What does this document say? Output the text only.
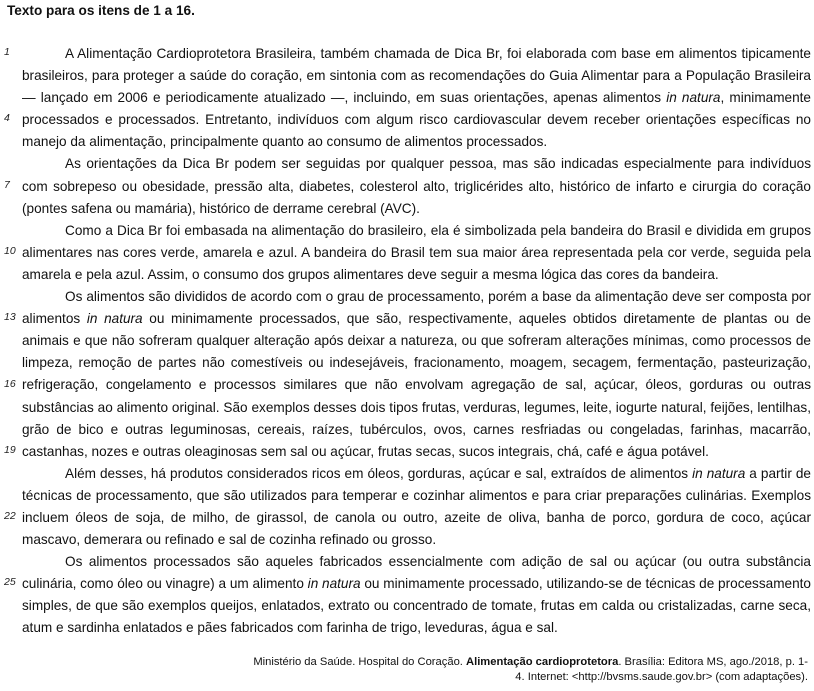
Texto para os itens de 1 a 16.

1
4
7
10
13
16
19
22
25

A Alimentação Cardioprotetora Brasileira, também chamada de Dica Br, foi elaborada com base em alimentos tipicamente brasileiros, para proteger a saúde do coração, em sintonia com as recomendações do Guia Alimentar para a População Brasileira — lançado em 2006 e periodicamente atualizado —, incluindo, em suas orientações, apenas alimentos in natura, minimamente processados e processados. Entretanto, indivíduos com algum risco cardiovascular devem receber orientações específicas no manejo da alimentação, principalmente quanto ao consumo de alimentos processados.

As orientações da Dica Br podem ser seguidas por qualquer pessoa, mas são indicadas especialmente para indivíduos com sobrepeso ou obesidade, pressão alta, diabetes, colesterol alto, triglicérides alto, histórico de infarto e cirurgia do coração (pontes safena ou mamária), histórico de derrame cerebral (AVC).

Como a Dica Br foi embasada na alimentação do brasileiro, ela é simbolizada pela bandeira do Brasil e dividida em grupos alimentares nas cores verde, amarela e azul. A bandeira do Brasil tem sua maior área representada pela cor verde, seguida pela amarela e pela azul. Assim, o consumo dos grupos alimentares deve seguir a mesma lógica das cores da bandeira.

Os alimentos são divididos de acordo com o grau de processamento, porém a base da alimentação deve ser composta por alimentos in natura ou minimamente processados, que são, respectivamente, aqueles obtidos diretamente de plantas ou de animais e que não sofreram qualquer alteração após deixar a natureza, ou que sofreram alterações mínimas, como processos de limpeza, remoção de partes não comestíveis ou indesejáveis, fracionamento, moagem, secagem, fermentação, pasteurização, refrigeração, congelamento e processos similares que não envolvam agregação de sal, açúcar, óleos, gorduras ou outras substâncias ao alimento original. São exemplos desses dois tipos frutas, verduras, legumes, leite, iogurte natural, feijões, lentilhas, grão de bico e outras leguminosas, cereais, raízes, tubérculos, ovos, carnes resfriadas ou congeladas, farinhas, macarrão, castanhas, nozes e outras oleaginosas sem sal ou açúcar, frutas secas, sucos integrais, chá, café e água potável.

Além desses, há produtos considerados ricos em óleos, gorduras, açúcar e sal, extraídos de alimentos in natura a partir de técnicas de processamento, que são utilizados para temperar e cozinhar alimentos e para criar preparações culinárias. Exemplos incluem óleos de soja, de milho, de girassol, de canola ou outro, azeite de oliva, banha de porco, gordura de coco, açúcar mascavo, demerara ou refinado e sal de cozinha refinado ou grosso.

Os alimentos processados são aqueles fabricados essencialmente com adição de sal ou açúcar (ou outra substância culinária, como óleo ou vinagre) a um alimento in natura ou minimamente processado, utilizando-se de técnicas de processamento simples, de que são exemplos queijos, enlatados, extrato ou concentrado de tomate, frutas em calda ou cristalizadas, carne seca, atum e sardinha enlatados e pães fabricados com farinha de trigo, leveduras, água e sal.

Ministério da Saúde. Hospital do Coração. Alimentação cardioprotetora. Brasília: Editora MS, ago./2018, p. 1-4. Internet: <http://bvsms.saude.gov.br> (com adaptações).
